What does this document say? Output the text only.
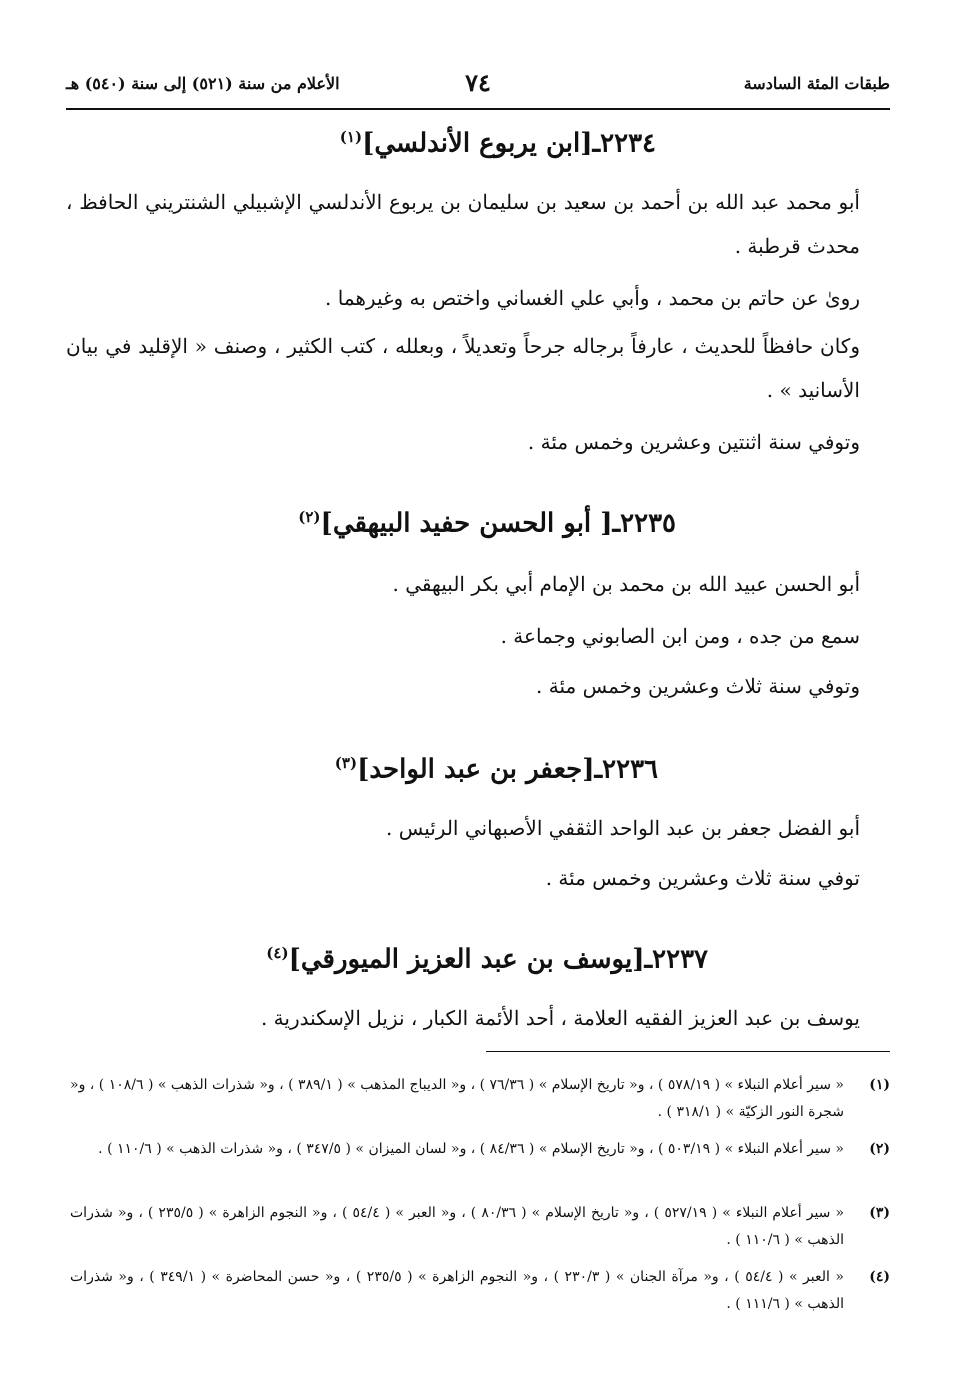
طبقات المئة السادسة
٧٤
الأعلام من سنة (٥٢١) إلى سنة (٥٤٠) هـ
٢٢٣٤ـ[ابن يربوع الأندلسي]$^{(١)}$
أبو محمد عبد الله بن أحمد بن سعيد بن سليمان بن يربوع الأندلسي الإشبيلي الشنتريني الحافظ ، محدث قرطبة .
روىٰ عن حاتم بن محمد ، وأبي علي الغساني واختص به وغيرهما .
وكان حافظاً للحديث ، عارفاً برجاله جرحاً وتعديلاً ، وبعلله ، كتب الكثير ، وصنف « الإقليد في بيان الأسانيد » .
وتوفي سنة اثنتين وعشرين وخمس مئة .
٢٢٣٥ـ[ أبو الحسن حفيد البيهقي]$^{(٢)}$
أبو الحسن عبيد الله بن محمد بن الإمام أبي بكر البيهقي .
سمع من جده ، ومن ابن الصابوني وجماعة .
وتوفي سنة ثلاث وعشرين وخمس مئة .
٢٢٣٦ـ[جعفر بن عبد الواحد]$^{(٣)}$
أبو الفضل جعفر بن عبد الواحد الثقفي الأصبهاني الرئيس .
توفي سنة ثلاث وعشرين وخمس مئة .
٢٢٣٧ـ[يوسف بن عبد العزيز الميورقي]$^{(٤)}$
يوسف بن عبد العزيز الفقيه العلامة ، أحد الأئمة الكبار ، نزيل الإسكندرية .
(١)
« سير أعلام النبلاء » ( ٥٧٨/١٩ ) ، و« تاريخ الإسلام » ( ٧٦/٣٦ ) ، و« الديباج المذهب » ( ٣٨٩/١ ) ، و« شذرات الذهب » ( ١٠٨/٦ ) ، و« شجرة النور الزكيّة » ( ٣١٨/١ ) .
(٢)
« سير أعلام النبلاء » ( ٥٠٣/١٩ ) ، و« تاريخ الإسلام » ( ٨٤/٣٦ ) ، و« لسان الميزان » ( ٣٤٧/٥ ) ، و« شذرات الذهب » ( ١١٠/٦ ) .
(٣)
« سير أعلام النبلاء » ( ٥٢٧/١٩ ) ، و« تاريخ الإسلام » ( ٨٠/٣٦ ) ، و« العبر » ( ٥٤/٤ ) ، و« النجوم الزاهرة » ( ٢٣٥/٥ ) ، و« شذرات الذهب » ( ١١٠/٦ ) .
(٤)
« العبر » ( ٥٤/٤ ) ، و« مرآة الجنان » ( ٢٣٠/٣ ) ، و« النجوم الزاهرة » ( ٢٣٥/٥ ) ، و« حسن المحاضرة » ( ٣٤٩/١ ) ، و« شذرات الذهب » ( ١١١/٦ ) .
